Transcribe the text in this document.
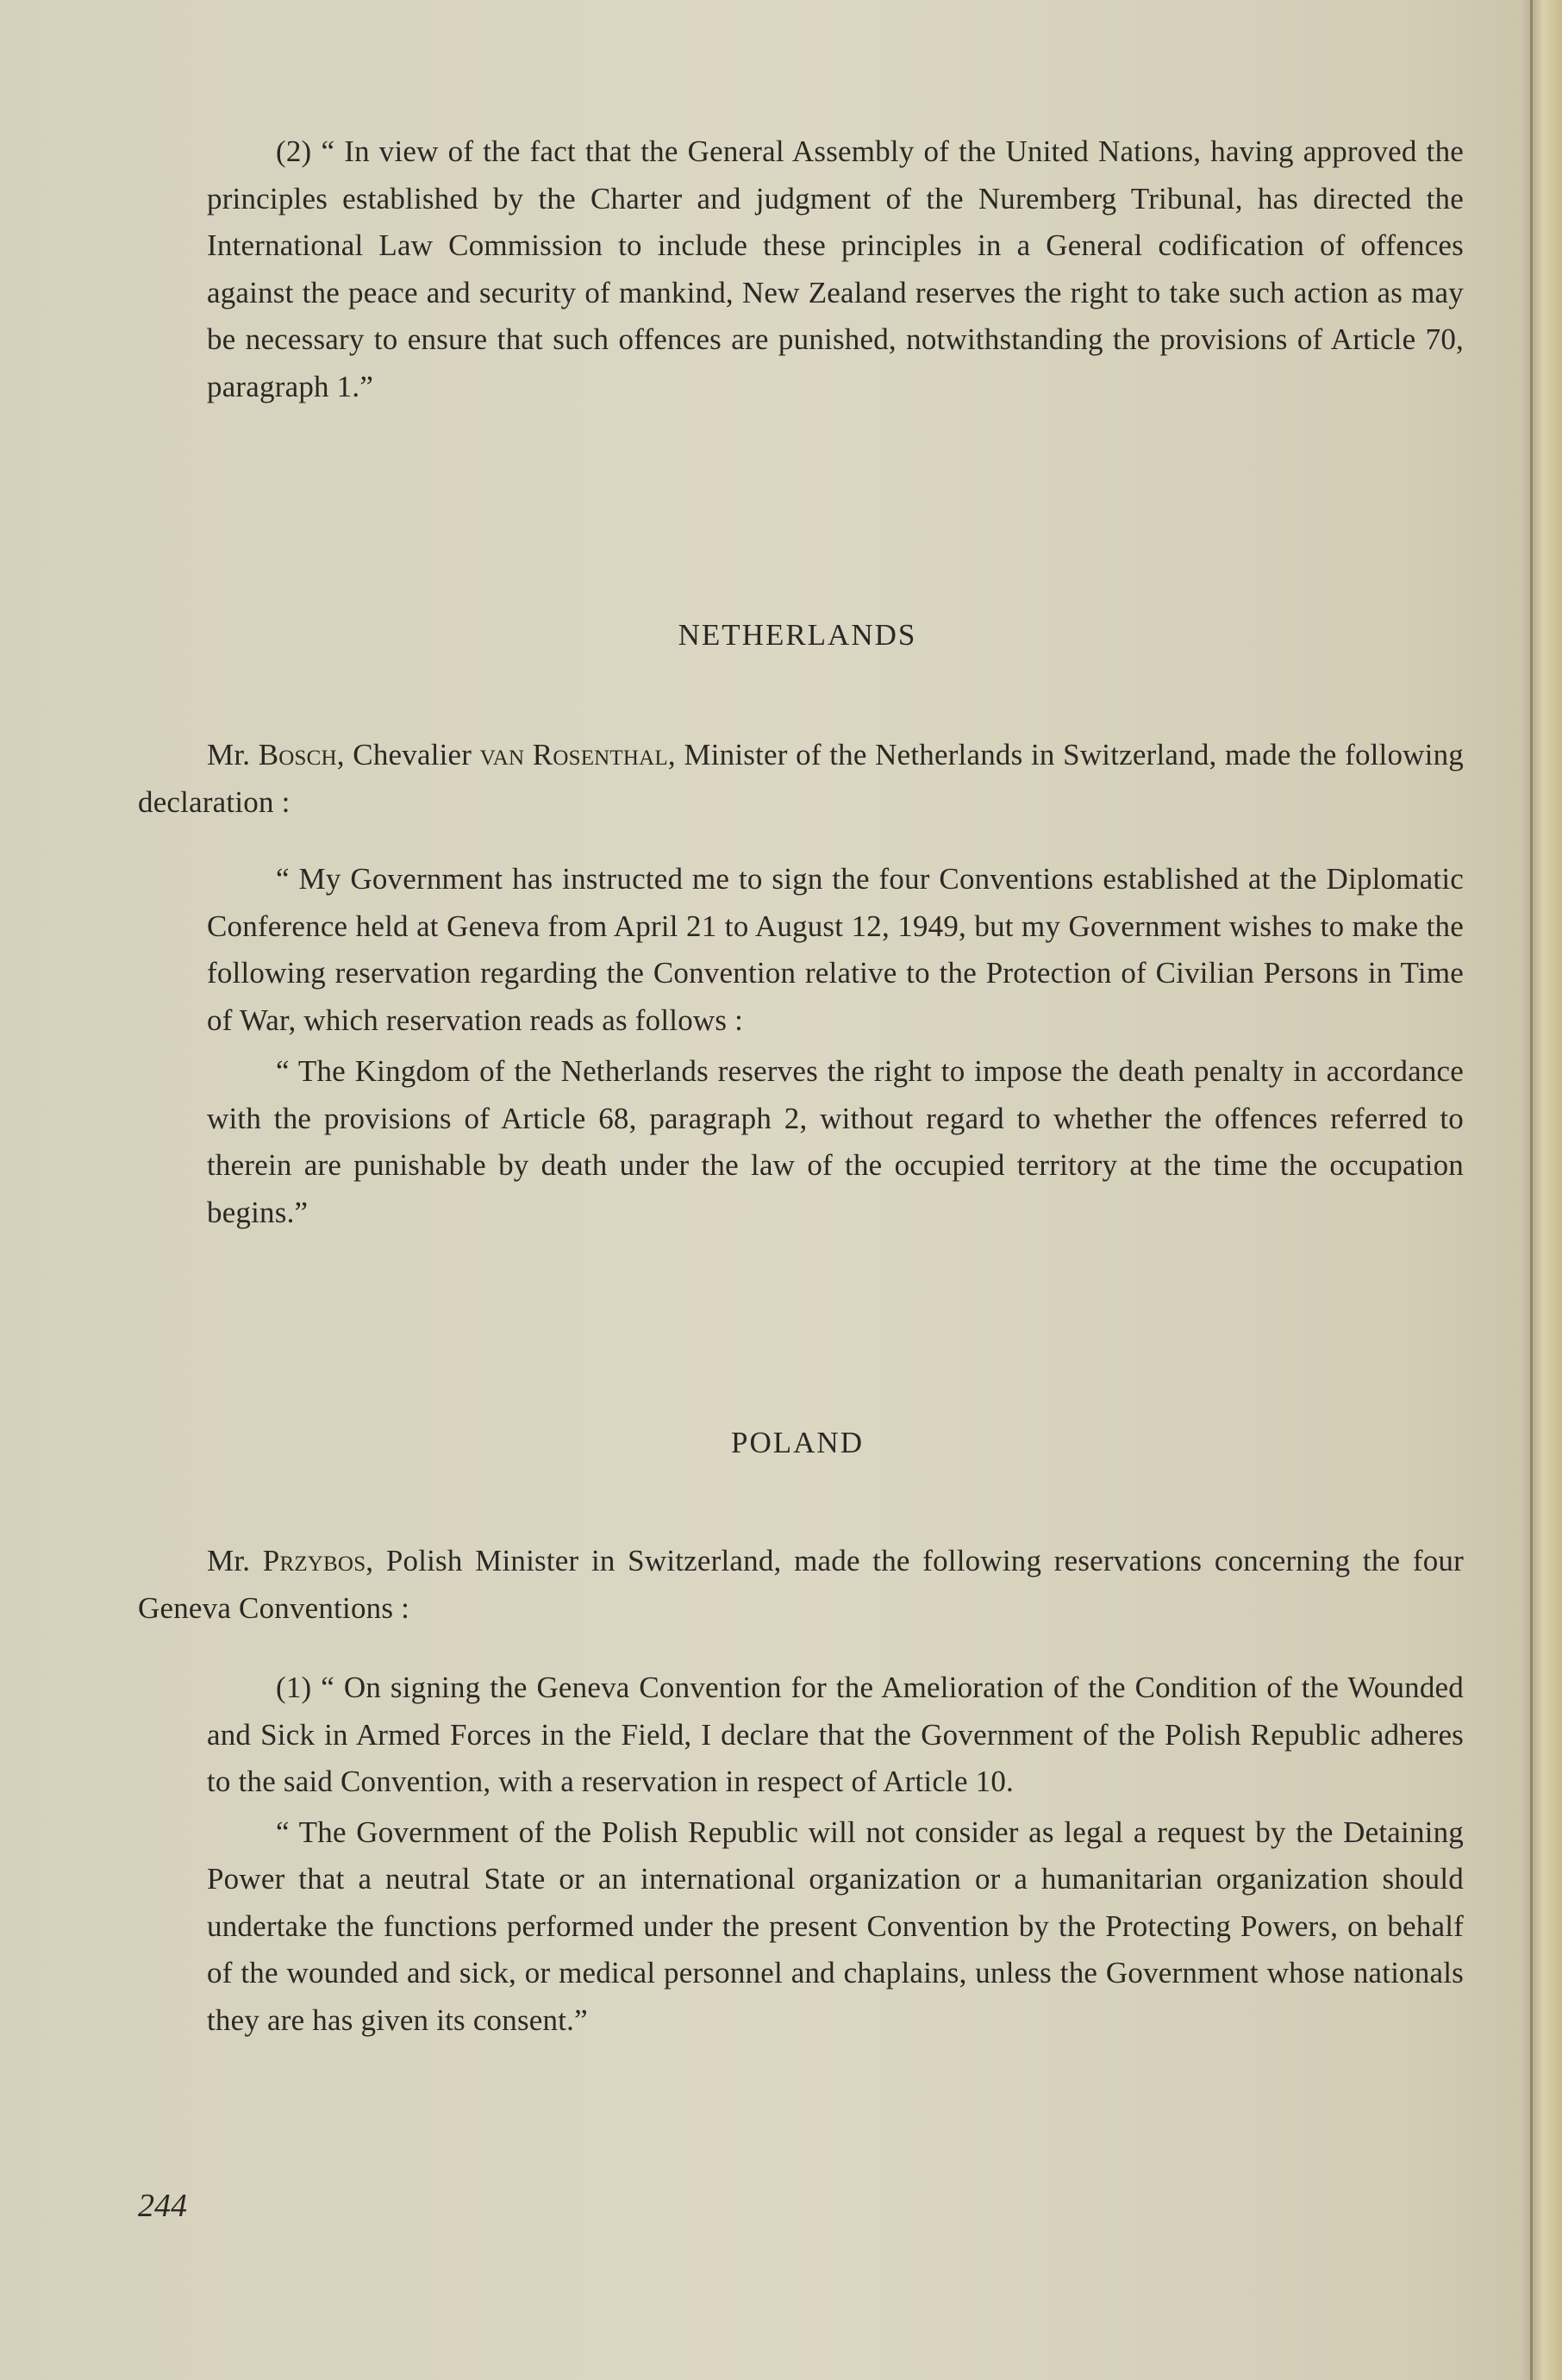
(2) “ In view of the fact that the General Assembly of the United Nations, having approved the principles established by the Charter and judgment of the Nuremberg Tribunal, has directed the International Law Commission to include these principles in a General codification of offences against the peace and security of mankind, New Zealand reserves the right to take such action as may be necessary to ensure that such offences are punished, notwithstanding the provisions of Article 70, paragraph 1.”

NETHERLANDS

Mr. Bosch, Chevalier van Rosenthal, Minister of the Netherlands in Switzerland, made the following declaration :

“ My Government has instructed me to sign the four Conventions established at the Diplomatic Conference held at Geneva from April 21 to August 12, 1949, but my Government wishes to make the following reservation regarding the Convention relative to the Protection of Civilian Persons in Time of War, which reservation reads as follows :

“ The Kingdom of the Netherlands reserves the right to impose the death penalty in accordance with the provisions of Article 68, paragraph 2, without regard to whether the offences referred to therein are punishable by death under the law of the occupied territory at the time the occupation begins.”

POLAND

Mr. Przybos, Polish Minister in Switzerland, made the following reservations concerning the four Geneva Conventions :

(1) “ On signing the Geneva Convention for the Amelioration of the Condition of the Wounded and Sick in Armed Forces in the Field, I declare that the Government of the Polish Republic adheres to the said Convention, with a reservation in respect of Article 10.

“ The Government of the Polish Republic will not consider as legal a request by the Detaining Power that a neutral State or an international organization or a humanitarian organization should undertake the functions performed under the present Convention by the Protecting Powers, on behalf of the wounded and sick, or medical personnel and chaplains, unless the Government whose nationals they are has given its consent.”

244
